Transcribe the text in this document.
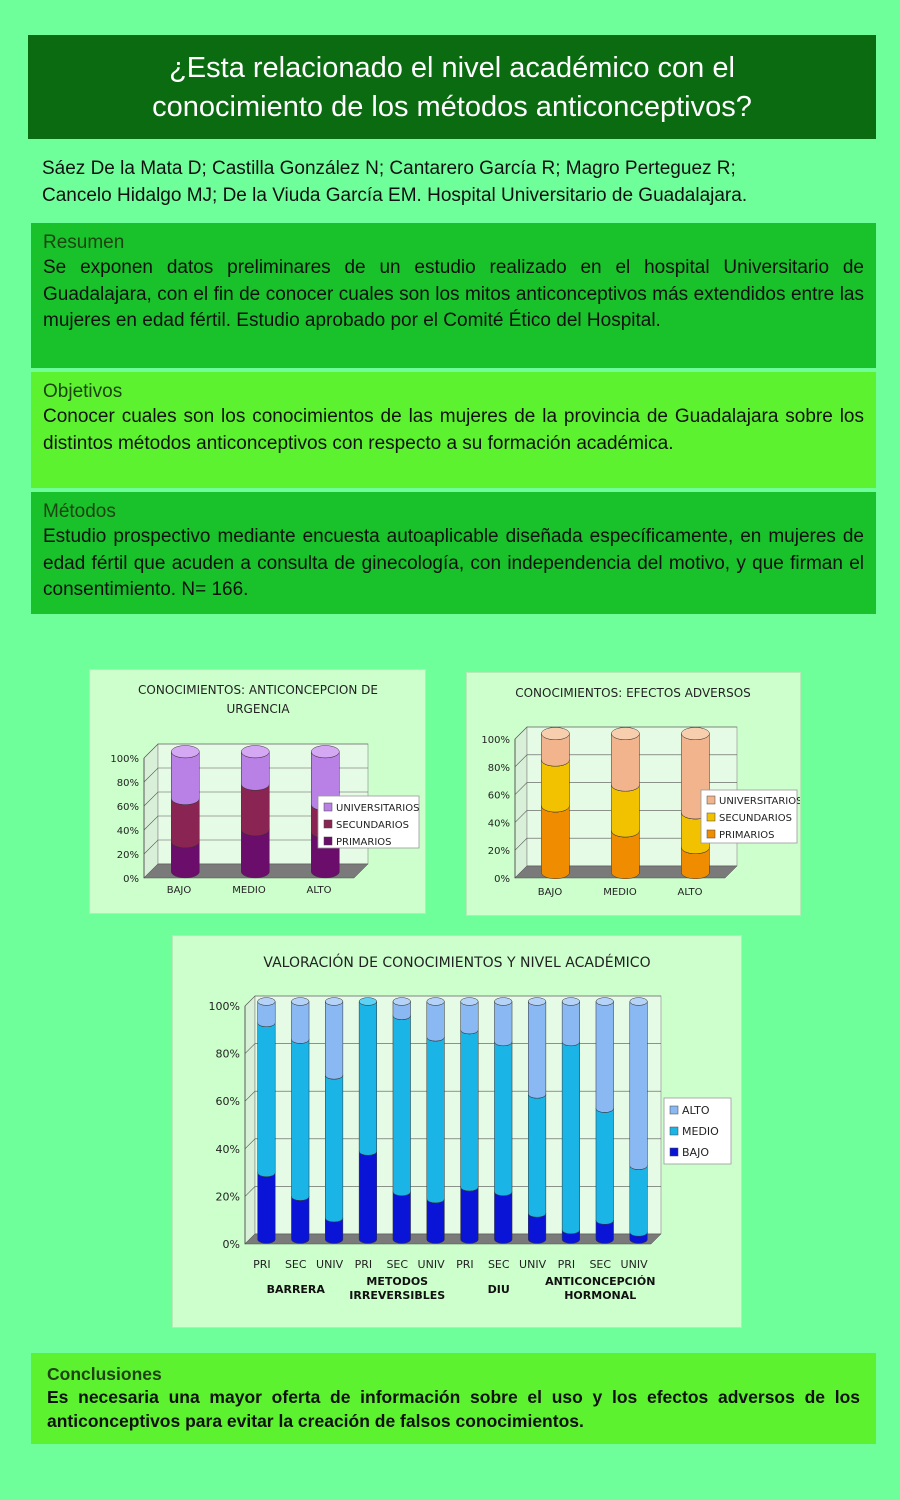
¿Esta relacionado el nivel académico con el
conocimiento de los métodos anticonceptivos?
Sáez De la Mata D; Castilla González N; Cantarero García R; Magro Perteguez R;
Cancelo Hidalgo MJ; De la Viuda García EM. Hospital Universitario de Guadalajara.
Resumen

Se exponen datos preliminares de un estudio realizado en el hospital Universitario de Guadalajara, con el fin de conocer cuales son los mitos anticonceptivos más extendidos entre las mujeres en edad fértil. Estudio aprobado por el Comité Ético del Hospital.

Objetivos

Conocer cuales son los conocimientos de las mujeres de la provincia de Guadalajara sobre los distintos métodos anticonceptivos con respecto a su formación académica.

Métodos

Estudio prospectivo mediante encuesta autoaplicable diseñada específicamente, en mujeres de edad fértil que acuden a consulta de ginecología, con independencia del motivo, y que firman el consentimiento. N= 166.

CONOCIMIENTOS: ANTICONCEPCION DE
URGENCIA
0%
20%
40%
60%
80%
100%
BAJO	MEDIO	ALTO
UNIVERSITARIOS
SECUNDARIOS
PRIMARIOS
CONOCIMIENTOS: EFECTOS ADVERSOS
0%
20%
40%
60%
80%
100%
BAJO	MEDIO	ALTO
UNIVERSITARIOS
SECUNDARIOS
PRIMARIOS
VALORACIÓN DE CONOCIMIENTOS Y NIVEL ACADÉMICO
0%
20%
40%
60%
80%
100%
PRI SEC UNIV PRI SEC UNIV PRI SEC UNIV PRI SEC UNIV
BARRERA
METODOS
IRREVERSIBLES	DIU
ANTICONCEPCIÓN
HORMONAL
ALTO
MEDIO
BAJO
Conclusiones

Es necesaria una mayor oferta de información sobre el uso y los efectos adversos de los anticonceptivos para evitar la creación de falsos conocimientos.
